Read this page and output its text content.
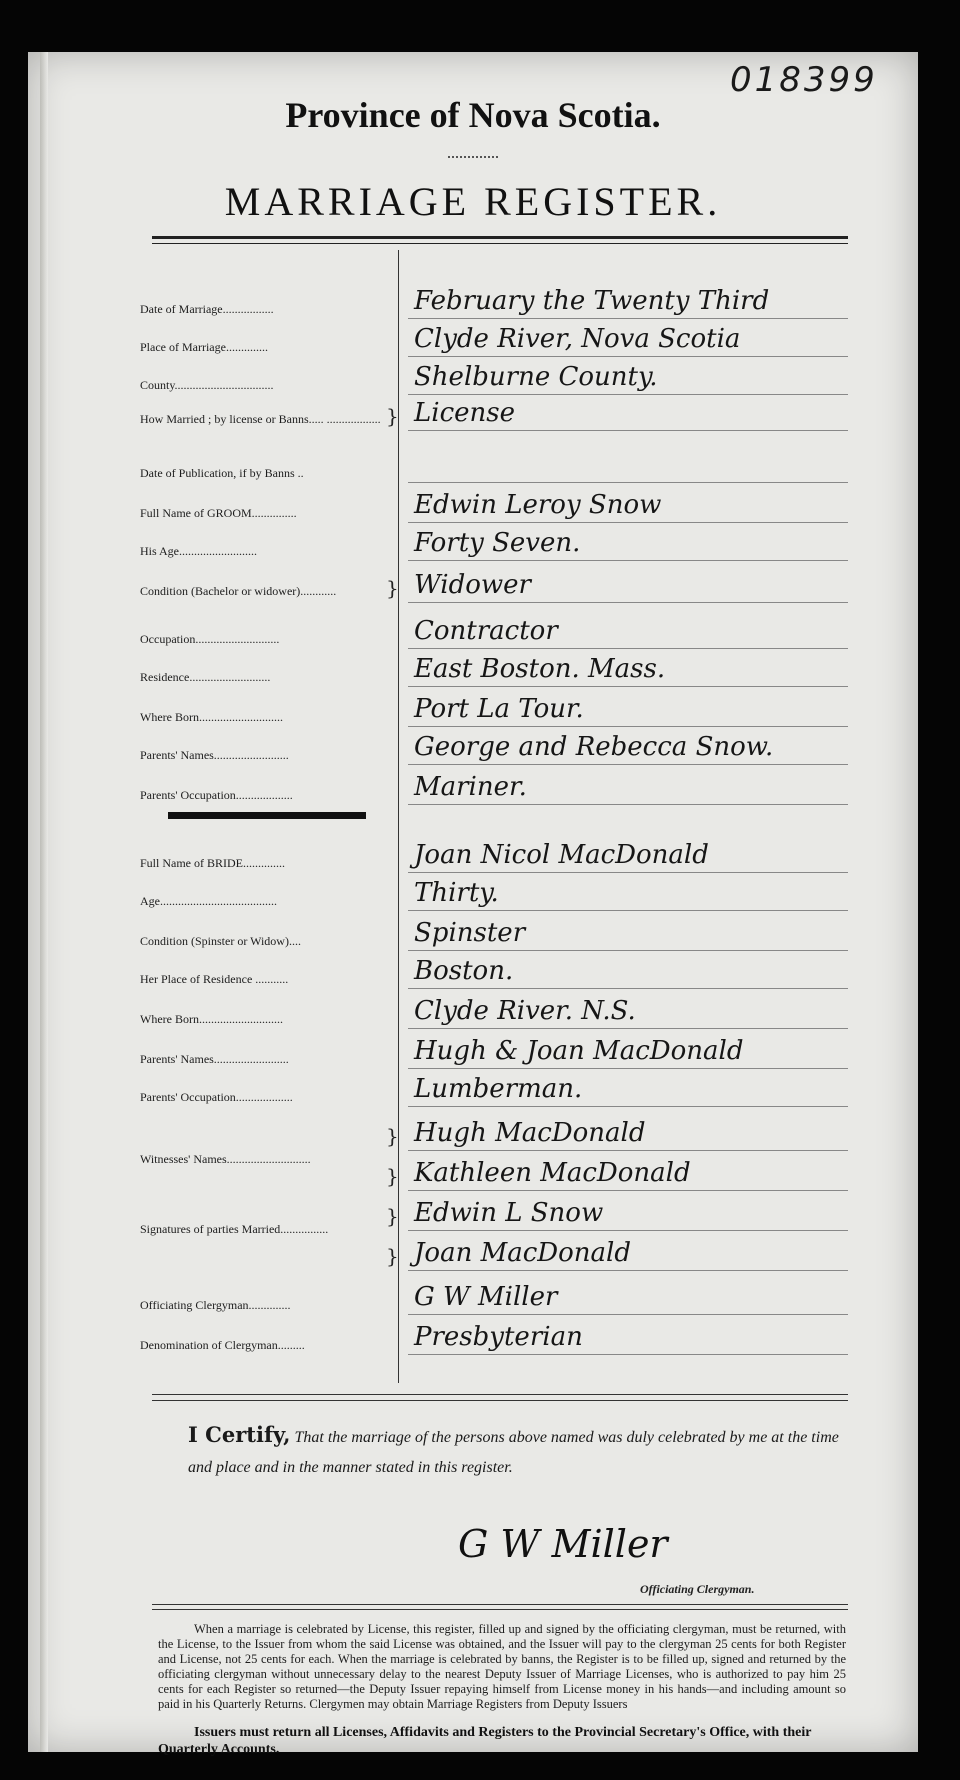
018399
Province of Nova Scotia.
MARRIAGE REGISTER.
Date of Marriage.................	February the Twenty Third
Place of Marriage..............	Clyde River, Nova Scotia
County.................................	Shelburne County.
How Married ; by license or Banns..... .................. } License
Date of Publication, if by Banns ..
Full Name of GROOM...............	Edwin Leroy Snow
His Age..........................	Forty Seven.
Condition (Bachelor or widower)............	} Widower
Occupation............................	Contractor
Residence...........................	East Boston. Mass.
Where Born............................	Port La Tour.
Parents' Names.........................	George and Rebecca Snow.
Parents' Occupation...................	Mariner.
Full Name of BRIDE..............	Joan Nicol MacDonald
Age.......................................	Thirty.
Condition (Spinster or Widow)....	Spinster
Her Place of Residence ...........	Boston.
Where Born............................	Clyde River. N.S.
Parents' Names.........................	Hugh & Joan MacDonald
Parents' Occupation...................	Lumberman.
Witnesses' Names............................
} Hugh MacDonald
} Kathleen MacDonald
Signatures of parties Married................
} Edwin L Snow
} Joan MacDonald
Officiating Clergyman..............	G W Miller
Denomination of Clergyman.........	Presbyterian
I Certify, That the marriage of the persons above named was duly celebrated by me at the time and place and in the manner stated in this register.
G W Miller
Officiating Clergyman.
When a marriage is celebrated by License, this register, filled up and signed by the officiating clergyman, must be returned, with the License, to the Issuer from whom the said License was obtained, and the Issuer will pay to the clergyman 25 cents for both Register and License, not 25 cents for each. When the marriage is celebrated by banns, the Register is to be filled up, signed and returned by the officiating clergyman without unnecessary delay to the nearest Deputy Issuer of Marriage Licenses, who is authorized to pay him 25 cents for each Register so returned—the Deputy Issuer repaying himself from License money in his hands—and including amount so paid in his Quarterly Returns. Clergymen may obtain Marriage Registers from Deputy Issuers
Issuers must return all Licenses, Affidavits and Registers to the Provincial Secretary's Office, with their Quarterly Accounts.
